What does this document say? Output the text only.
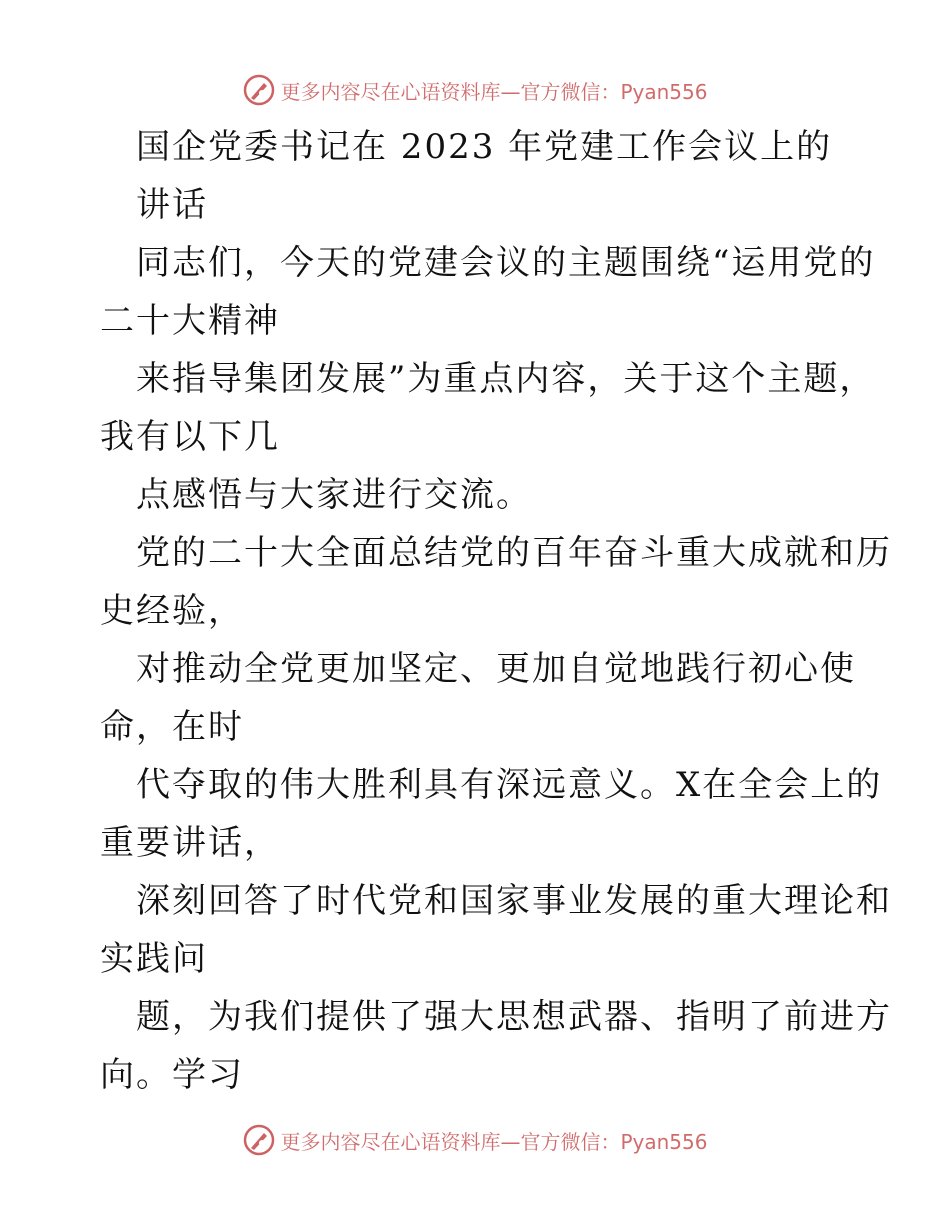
更多内容尽在心语资料库—官方微信：Pyan556
国企党委书记在 2023 年党建工作会议上的
讲话
同志们，今天的党建会议的主题围绕“运用党的
二十大精神
来指导集团发展”为重点内容，关于这个主题，
我有以下几
点感悟与大家进行交流。
党的二十大全面总结党的百年奋斗重大成就和历
史经验，
对推动全党更加坚定、更加自觉地践行初心使
命，在时
代夺取的伟大胜利具有深远意义。X在全会上的
重要讲话，
深刻回答了时代党和国家事业发展的重大理论和
实践问
题，为我们提供了强大思想武器、指明了前进方
向。学习
更多内容尽在心语资料库—官方微信：Pyan556
